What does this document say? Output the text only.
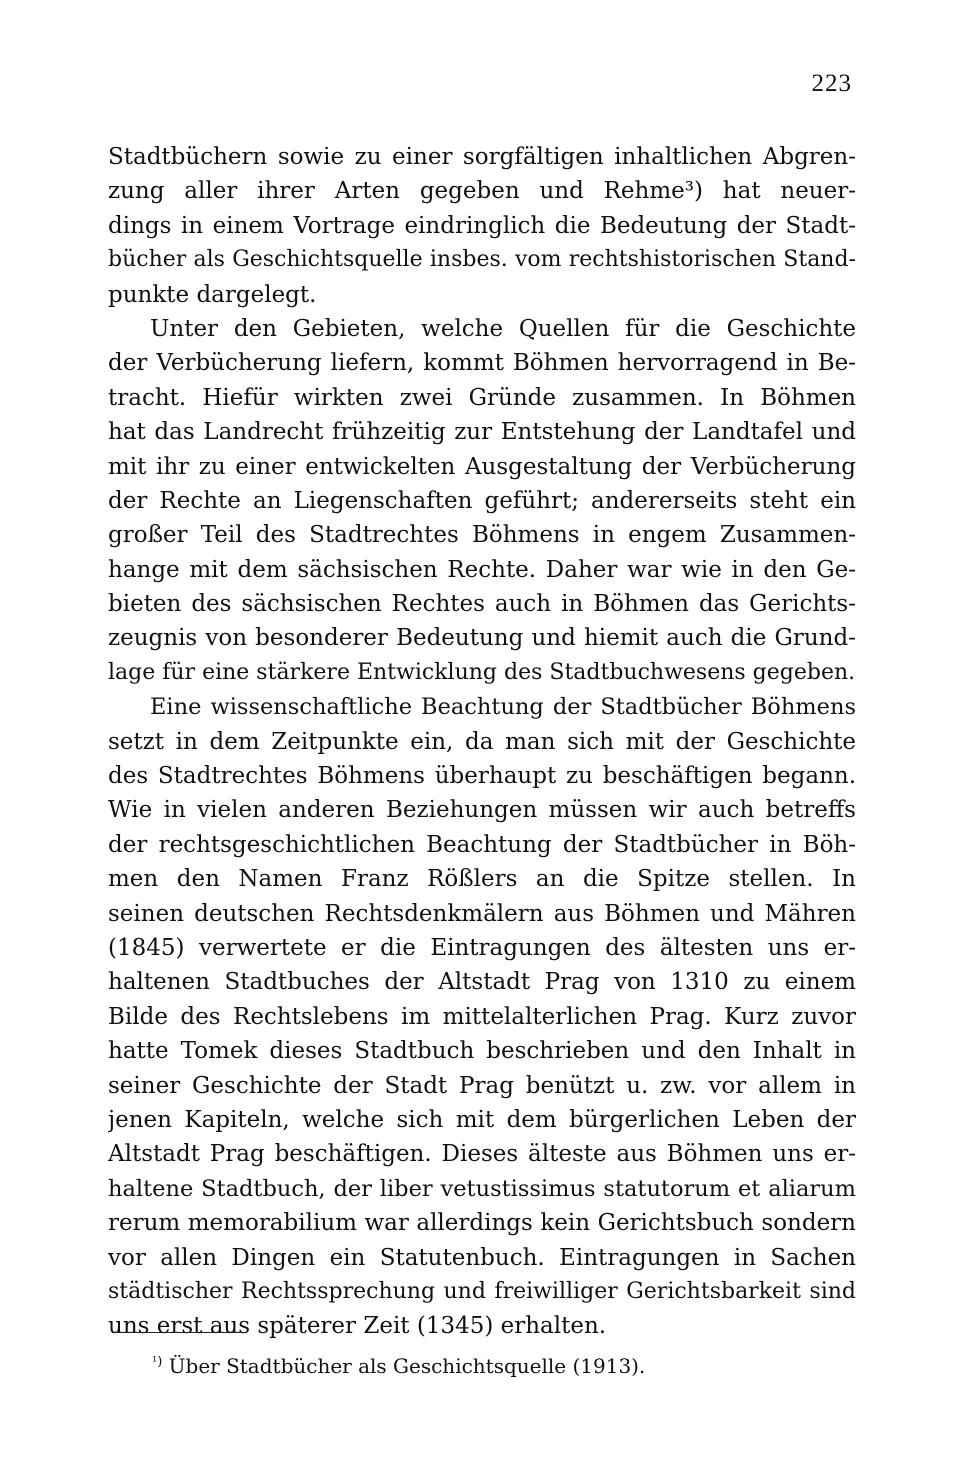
223
Stadtbüchern sowie zu einer sorgfältigen inhaltlichen Abgren-
zung aller ihrer Arten gegeben und Rehme³) hat neuer-
dings in einem Vortrage eindringlich die Bedeutung der Stadt-
bücher als Geschichtsquelle insbes. vom rechtshistorischen Stand-
punkte dargelegt.
Unter den Gebieten, welche Quellen für die Geschichte
der Verbücherung liefern, kommt Böhmen hervorragend in Be-
tracht. Hiefür wirkten zwei Gründe zusammen. In Böhmen
hat das Landrecht frühzeitig zur Entstehung der Landtafel und
mit ihr zu einer entwickelten Ausgestaltung der Verbücherung
der Rechte an Liegenschaften geführt; andererseits steht ein
großer Teil des Stadtrechtes Böhmens in engem Zusammen-
hange mit dem sächsischen Rechte. Daher war wie in den Ge-
bieten des sächsischen Rechtes auch in Böhmen das Gerichts-
zeugnis von besonderer Bedeutung und hiemit auch die Grund-
lage für eine stärkere Entwicklung des Stadtbuchwesens gegeben.
Eine wissenschaftliche Beachtung der Stadtbücher Böhmens
setzt in dem Zeitpunkte ein, da man sich mit der Geschichte
des Stadtrechtes Böhmens überhaupt zu beschäftigen begann.
Wie in vielen anderen Beziehungen müssen wir auch betreffs
der rechtsgeschichtlichen Beachtung der Stadtbücher in Böh-
men den Namen Franz Rößlers an die Spitze stellen. In
seinen deutschen Rechtsdenkmälern aus Böhmen und Mähren
(1845) verwertete er die Eintragungen des ältesten uns er-
haltenen Stadtbuches der Altstadt Prag von 1310 zu einem
Bilde des Rechtslebens im mittelalterlichen Prag. Kurz zuvor
hatte Tomek dieses Stadtbuch beschrieben und den Inhalt in
seiner Geschichte der Stadt Prag benützt u. zw. vor allem in
jenen Kapiteln, welche sich mit dem bürgerlichen Leben der
Altstadt Prag beschäftigen. Dieses älteste aus Böhmen uns er-
haltene Stadtbuch, der liber vetustissimus statutorum et aliarum
rerum memorabilium war allerdings kein Gerichtsbuch sondern
vor allen Dingen ein Statutenbuch. Eintragungen in Sachen
städtischer Rechtssprechung und freiwilliger Gerichtsbarkeit sind
uns erst aus späterer Zeit (1345) erhalten.
$^{^1)}$ Über Stadtbücher als Geschichtsquelle (1913).
